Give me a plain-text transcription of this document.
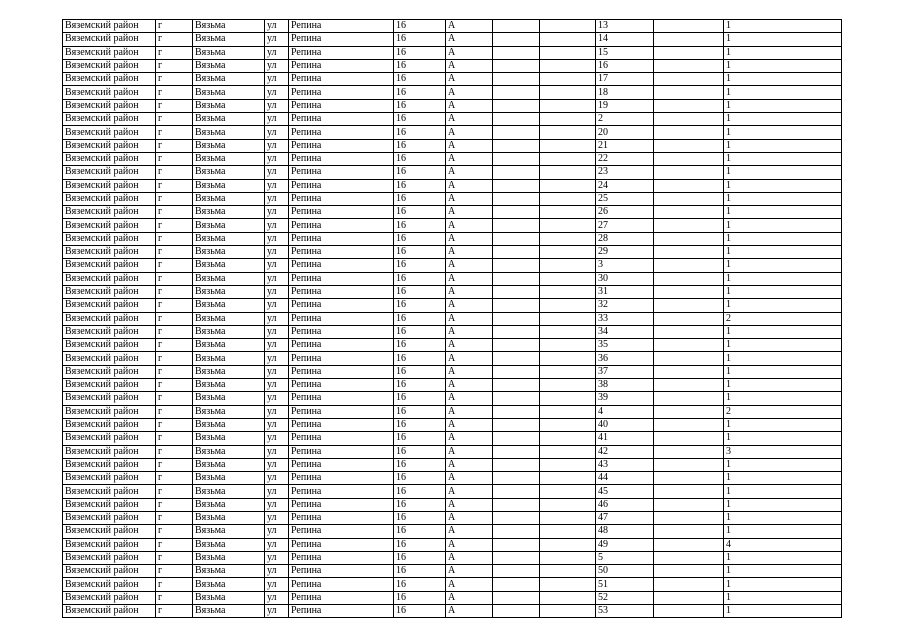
Вяземский район	г	Вязьма	ул	Репина	16	А			13		1
Вяземский район	г	Вязьма	ул	Репина	16	А			14		1
Вяземский район	г	Вязьма	ул	Репина	16	А			15		1
Вяземский район	г	Вязьма	ул	Репина	16	А			16		1
Вяземский район	г	Вязьма	ул	Репина	16	А			17		1
Вяземский район	г	Вязьма	ул	Репина	16	А			18		1
Вяземский район	г	Вязьма	ул	Репина	16	А			19		1
Вяземский район	г	Вязьма	ул	Репина	16	А			2		1
Вяземский район	г	Вязьма	ул	Репина	16	А			20		1
Вяземский район	г	Вязьма	ул	Репина	16	А			21		1
Вяземский район	г	Вязьма	ул	Репина	16	А			22		1
Вяземский район	г	Вязьма	ул	Репина	16	А			23		1
Вяземский район	г	Вязьма	ул	Репина	16	А			24		1
Вяземский район	г	Вязьма	ул	Репина	16	А			25		1
Вяземский район	г	Вязьма	ул	Репина	16	А			26		1
Вяземский район	г	Вязьма	ул	Репина	16	А			27		1
Вяземский район	г	Вязьма	ул	Репина	16	А			28		1
Вяземский район	г	Вязьма	ул	Репина	16	А			29		1
Вяземский район	г	Вязьма	ул	Репина	16	А			3		1
Вяземский район	г	Вязьма	ул	Репина	16	А			30		1
Вяземский район	г	Вязьма	ул	Репина	16	А			31		1
Вяземский район	г	Вязьма	ул	Репина	16	А			32		1
Вяземский район	г	Вязьма	ул	Репина	16	А			33		2
Вяземский район	г	Вязьма	ул	Репина	16	А			34		1
Вяземский район	г	Вязьма	ул	Репина	16	А			35		1
Вяземский район	г	Вязьма	ул	Репина	16	А			36		1
Вяземский район	г	Вязьма	ул	Репина	16	А			37		1
Вяземский район	г	Вязьма	ул	Репина	16	А			38		1
Вяземский район	г	Вязьма	ул	Репина	16	А			39		1
Вяземский район	г	Вязьма	ул	Репина	16	А			4		2
Вяземский район	г	Вязьма	ул	Репина	16	А			40		1
Вяземский район	г	Вязьма	ул	Репина	16	А			41		1
Вяземский район	г	Вязьма	ул	Репина	16	А			42		3
Вяземский район	г	Вязьма	ул	Репина	16	А			43		1
Вяземский район	г	Вязьма	ул	Репина	16	А			44		1
Вяземский район	г	Вязьма	ул	Репина	16	А			45		1
Вяземский район	г	Вязьма	ул	Репина	16	А			46		1
Вяземский район	г	Вязьма	ул	Репина	16	А			47		1
Вяземский район	г	Вязьма	ул	Репина	16	А			48		1
Вяземский район	г	Вязьма	ул	Репина	16	А			49		4
Вяземский район	г	Вязьма	ул	Репина	16	А			5		1
Вяземский район	г	Вязьма	ул	Репина	16	А			50		1
Вяземский район	г	Вязьма	ул	Репина	16	А			51		1
Вяземский район	г	Вязьма	ул	Репина	16	А			52		1
Вяземский район	г	Вязьма	ул	Репина	16	А			53		1
